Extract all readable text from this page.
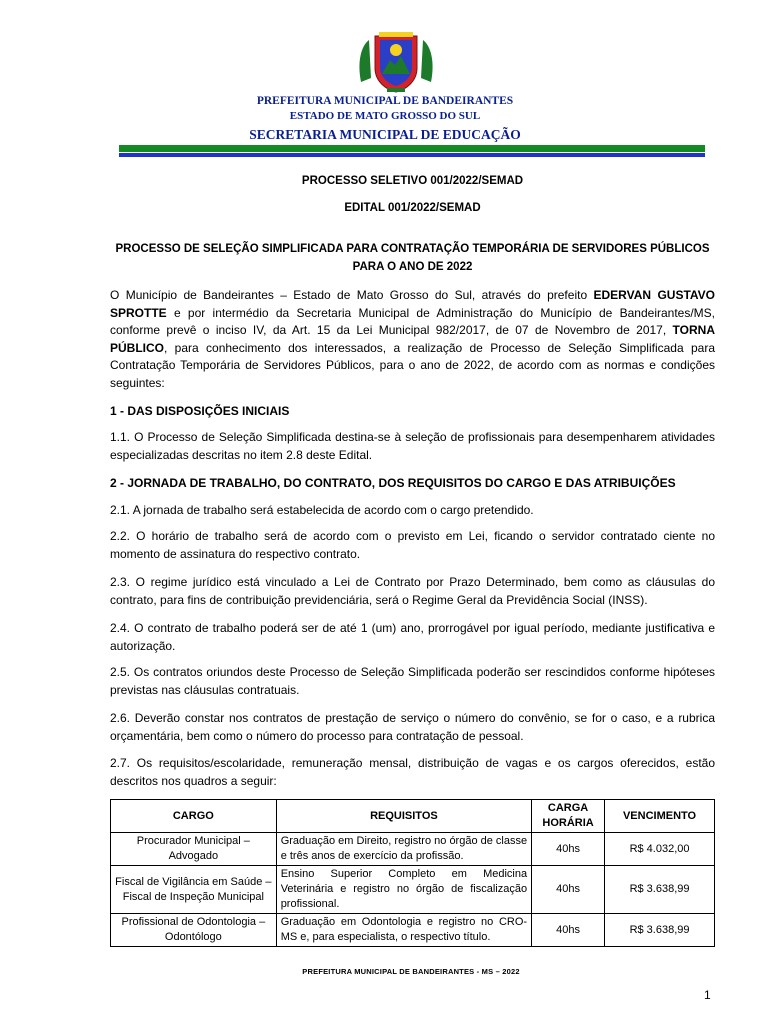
PREFEITURA MUNICIPAL DE BANDEIRANTES
ESTADO DE MATO GROSSO DO SUL
SECRETARIA MUNICIPAL DE EDUCAÇÃO
PROCESSO SELETIVO 001/2022/SEMAD
EDITAL 001/2022/SEMAD
PROCESSO DE SELEÇÃO SIMPLIFICADA PARA CONTRATAÇÃO TEMPORÁRIA DE SERVIDORES PÚBLICOS
PARA O ANO DE 2022
O Município de Bandeirantes – Estado de Mato Grosso do Sul, através do prefeito EDERVAN GUSTAVO SPROTTE e por intermédio da Secretaria Municipal de Administração do Município de Bandeirantes/MS, conforme prevê o inciso IV, da Art. 15 da Lei Municipal 982/2017, de 07 de Novembro de 2017, TORNA PÚBLICO, para conhecimento dos interessados, a realização de Processo de Seleção Simplificada para Contratação Temporária de Servidores Públicos, para o ano de 2022, de acordo com as normas e condições seguintes:
1 - DAS DISPOSIÇÕES INICIAIS
1.1. O Processo de Seleção Simplificada destina-se à seleção de profissionais para desempenharem atividades especializadas descritas no item 2.8 deste Edital.
2 - JORNADA DE TRABALHO, DO CONTRATO, DOS REQUISITOS DO CARGO E DAS ATRIBUIÇÕES
2.1. A jornada de trabalho será estabelecida de acordo com o cargo pretendido.
2.2. O horário de trabalho será de acordo com o previsto em Lei, ficando o servidor contratado ciente no momento de assinatura do respectivo contrato.
2.3. O regime jurídico está vinculado a Lei de Contrato por Prazo Determinado, bem como as cláusulas do contrato, para fins de contribuição previdenciária, será o Regime Geral da Previdência Social (INSS).
2.4. O contrato de trabalho poderá ser de até 1 (um) ano, prorrogável por igual período, mediante justificativa e autorização.
2.5. Os contratos oriundos deste Processo de Seleção Simplificada poderão ser rescindidos conforme hipóteses previstas nas cláusulas contratuais.
2.6. Deverão constar nos contratos de prestação de serviço o número do convênio, se for o caso, e a rubrica orçamentária, bem como o número do processo para contratação de pessoal.
2.7. Os requisitos/escolaridade, remuneração mensal, distribuição de vagas e os cargos oferecidos, estão descritos nos quadros a seguir:
CARGO	REQUISITOS	CARGA HORÁRIA	VENCIMENTO
Procurador Municipal – Advogado	Graduação em Direito, registro no órgão de classe e três anos de exercício da profissão.	40hs	R$ 4.032,00
Fiscal de Vigilância em Saúde – Fiscal de Inspeção Municipal	Ensino Superior Completo em Medicina Veterinária e registro no órgão de fiscalização profissional.	40hs	R$ 3.638,99
Profissional de Odontologia – Odontólogo	Graduação em Odontologia e registro no CRO-MS e, para especialista, o respectivo título.	40hs	R$ 3.638,99
PREFEITURA MUNICIPAL DE BANDEIRANTES - MS – 2022
1
